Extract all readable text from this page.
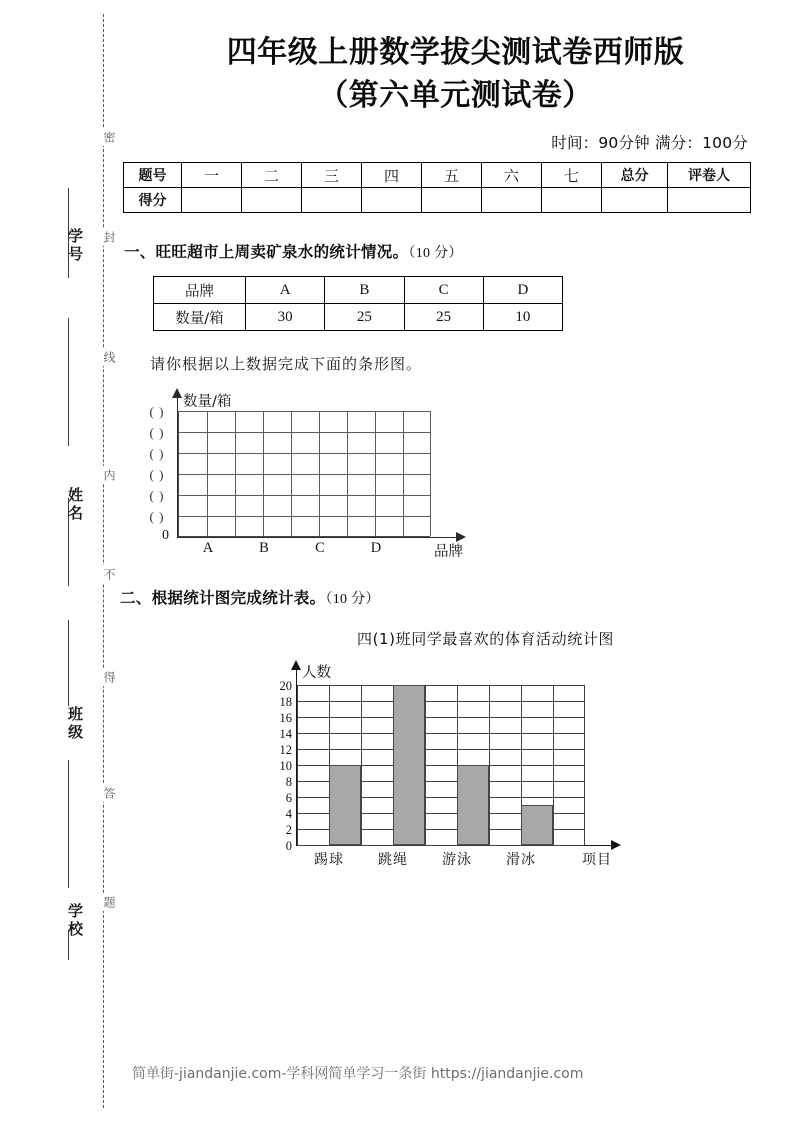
学号
姓名
班级
学校
密
封
线
内
不
得
答
题
四年级上册数学拔尖测试卷西师版
（第六单元测试卷）
时间：90分钟 满分：100分
题号	一	二	三	四	五	六	七	总分	评卷人
得分									
一、旺旺超市上周卖矿泉水的统计情况。（10 分）
品牌	A	B	C	D
数量/箱	30	25	25	10
请你根据以上数据完成下面的条形图。
数量/箱
( )
( )
( )
( )
( )
( )
0
A	B	C	D	品牌
二、根据统计图完成统计表。（10 分）
四(1)班同学最喜欢的体育活动统计图
人数
0
2
4
6
8
10
12
14
16
18
20
踢球	跳绳	游泳	滑冰	项目
简单街-jiandanjie.com-学科网简单学习一条街 https://jiandanjie.com
